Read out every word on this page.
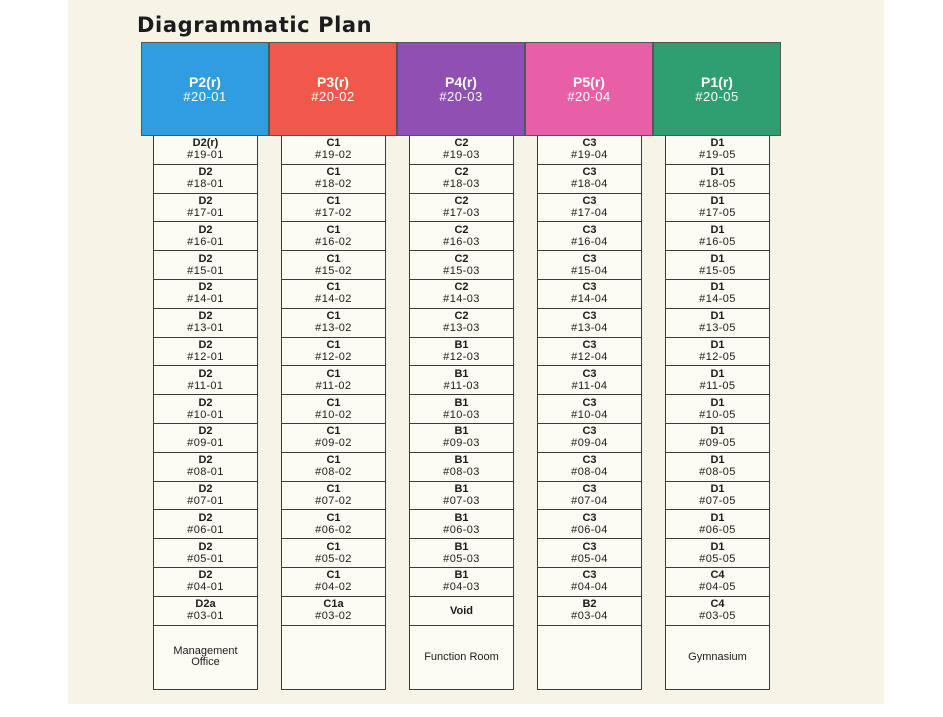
Diagrammatic Plan
P2(r)
#20-01
D2(r)
#19-01
D2
#18-01
D2
#17-01
D2
#16-01
D2
#15-01
D2
#14-01
D2
#13-01
D2
#12-01
D2
#11-01
D2
#10-01
D2
#09-01
D2
#08-01
D2
#07-01
D2
#06-01
D2
#05-01
D2
#04-01
D2a
#03-01
Management Office
P3(r)
#20-02
C1
#19-02
C1
#18-02
C1
#17-02
C1
#16-02
C1
#15-02
C1
#14-02
C1
#13-02
C1
#12-02
C1
#11-02
C1
#10-02
C1
#09-02
C1
#08-02
C1
#07-02
C1
#06-02
C1
#05-02
C1
#04-02
C1a
#03-02
P4(r)
#20-03
C2
#19-03
C2
#18-03
C2
#17-03
C2
#16-03
C2
#15-03
C2
#14-03
C2
#13-03
B1
#12-03
B1
#11-03
B1
#10-03
B1
#09-03
B1
#08-03
B1
#07-03
B1
#06-03
B1
#05-03
B1
#04-03
Void
Function Room
P5(r)
#20-04
C3
#19-04
C3
#18-04
C3
#17-04
C3
#16-04
C3
#15-04
C3
#14-04
C3
#13-04
C3
#12-04
C3
#11-04
C3
#10-04
C3
#09-04
C3
#08-04
C3
#07-04
C3
#06-04
C3
#05-04
C3
#04-04
B2
#03-04
P1(r)
#20-05
D1
#19-05
D1
#18-05
D1
#17-05
D1
#16-05
D1
#15-05
D1
#14-05
D1
#13-05
D1
#12-05
D1
#11-05
D1
#10-05
D1
#09-05
D1
#08-05
D1
#07-05
D1
#06-05
D1
#05-05
C4
#04-05
C4
#03-05
Gymnasium
